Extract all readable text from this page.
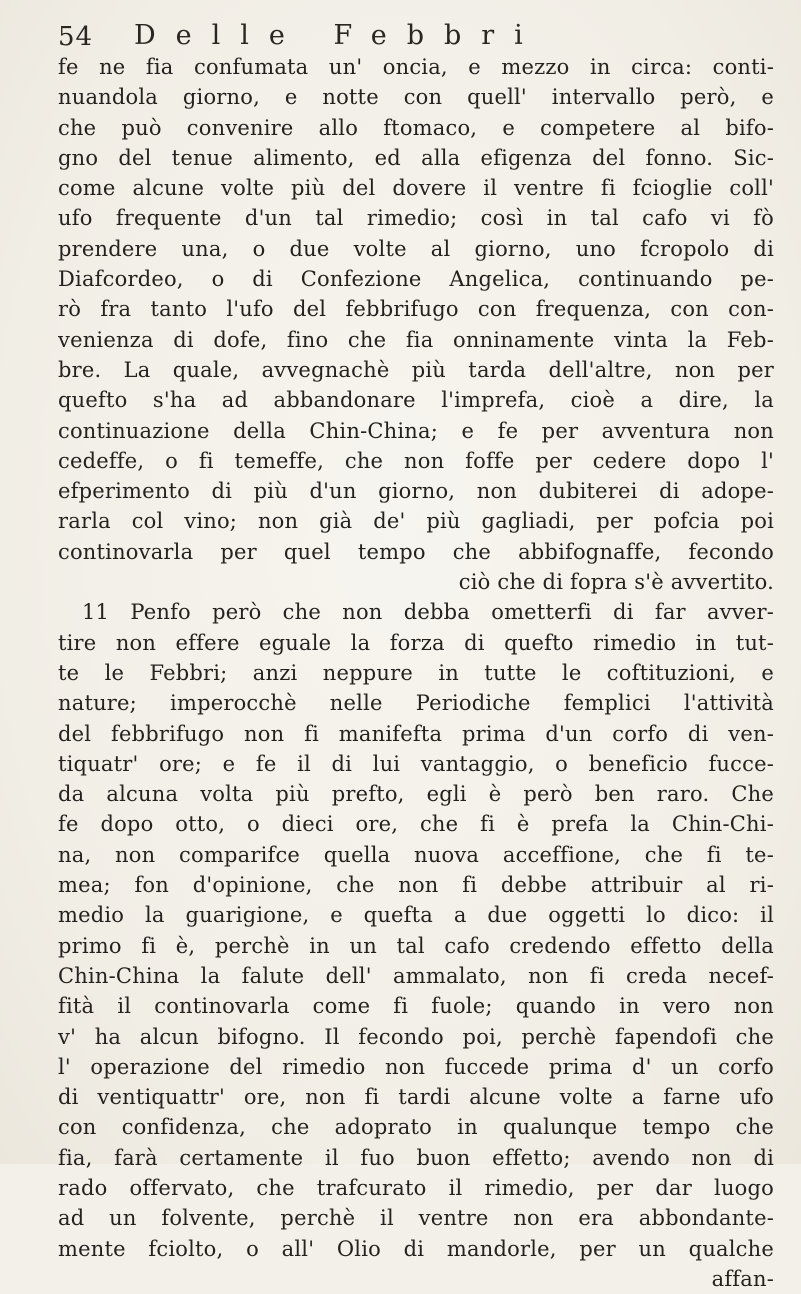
54 Delle Febbri
fe ne fia confumata un' oncia, e mezzo in circa: conti-
nuandola giorno, e notte con quell' intervallo però, e
che può convenire allo ftomaco, e competere al bifo-
gno del tenue alimento, ed alla efigenza del fonno. Sic-
come alcune volte più del dovere il ventre fi fcioglie coll'
ufo frequente d'un tal rimedio; così in tal cafo vi fò
prendere una, o due volte al giorno, uno fcropolo di
Diafcordeo, o di Confezione Angelica, continuando pe-
rò fra tanto l'ufo del febbrifugo con frequenza, con con-
venienza di dofe, fino che fia onninamente vinta la Feb-
bre. La quale, avvegnachè più tarda dell'altre, non per
quefto s'ha ad abbandonare l'imprefa, cioè a dire, la
continuazione della Chin-China; e fe per avventura non
cedeffe, o fi temeffe, che non foffe per cedere dopo l'
efperimento di più d'un giorno, non dubiterei di adope-
rarla col vino; non già de' più gagliadi, per pofcia poi
continovarla per quel tempo che abbifognaffe, fecondo
ciò che di fopra s'è avvertito.
11 Penfo però che non debba ometterfi di far avver-
tire non effere eguale la forza di quefto rimedio in tut-
te le Febbri; anzi neppure in tutte le coftituzioni, e
nature; imperocchè nelle Periodiche femplici l'attività
del febbrifugo non fi manifefta prima d'un corfo di ven-
tiquatr' ore; e fe il di lui vantaggio, o beneficio fucce-
da alcuna volta più prefto, egli è però ben raro. Che
fe dopo otto, o dieci ore, che fi è prefa la Chin-Chi-
na, non comparifce quella nuova acceffione, che fi te-
mea; fon d'opinione, che non fi debbe attribuir al ri-
medio la guarigione, e quefta a due oggetti lo dico: il
primo fi è, perchè in un tal cafo credendo effetto della
Chin-China la falute dell' ammalato, non fi creda necef-
fità il continovarla come fi fuole; quando in vero non
v' ha alcun bifogno. Il fecondo poi, perchè fapendofi che
l' operazione del rimedio non fuccede prima d' un corfo
di ventiquattr' ore, non fi tardi alcune volte a farne ufo
con confidenza, che adoprato in qualunque tempo che
fia, farà certamente il fuo buon effetto; avendo non di
rado offervato, che trafcurato il rimedio, per dar luogo
ad un folvente, perchè il ventre non era abbondante-
mente fciolto, o all' Olio di mandorle, per un qualche
affan-
